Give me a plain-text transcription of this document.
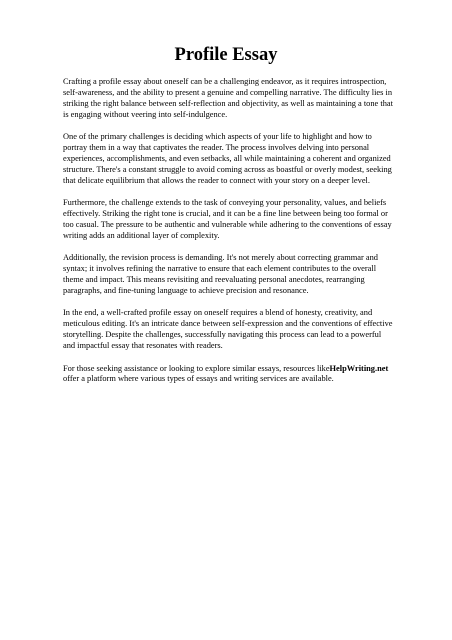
Profile Essay

Crafting a profile essay about oneself can be a challenging endeavor, as it requires introspection, self-awareness, and the ability to present a genuine and compelling narrative. The difficulty lies in striking the right balance between self-reflection and objectivity, as well as maintaining a tone that is engaging without veering into self-indulgence.

One of the primary challenges is deciding which aspects of your life to highlight and how to portray them in a way that captivates the reader. The process involves delving into personal experiences, accomplishments, and even setbacks, all while maintaining a coherent and organized structure. There's a constant struggle to avoid coming across as boastful or overly modest, seeking that delicate equilibrium that allows the reader to connect with your story on a deeper level.

Furthermore, the challenge extends to the task of conveying your personality, values, and beliefs effectively. Striking the right tone is crucial, and it can be a fine line between being too formal or too casual. The pressure to be authentic and vulnerable while adhering to the conventions of essay writing adds an additional layer of complexity.

Additionally, the revision process is demanding. It's not merely about correcting grammar and syntax; it involves refining the narrative to ensure that each element contributes to the overall theme and impact. This means revisiting and reevaluating personal anecdotes, rearranging paragraphs, and fine-tuning language to achieve precision and resonance.

In the end, a well-crafted profile essay on oneself requires a blend of honesty, creativity, and meticulous editing. It's an intricate dance between self-expression and the conventions of effective storytelling. Despite the challenges, successfully navigating this process can lead to a powerful and impactful essay that resonates with readers.

For those seeking assistance or looking to explore similar essays, resources likeHelpWriting.net offer a platform where various types of essays and writing services are available.
